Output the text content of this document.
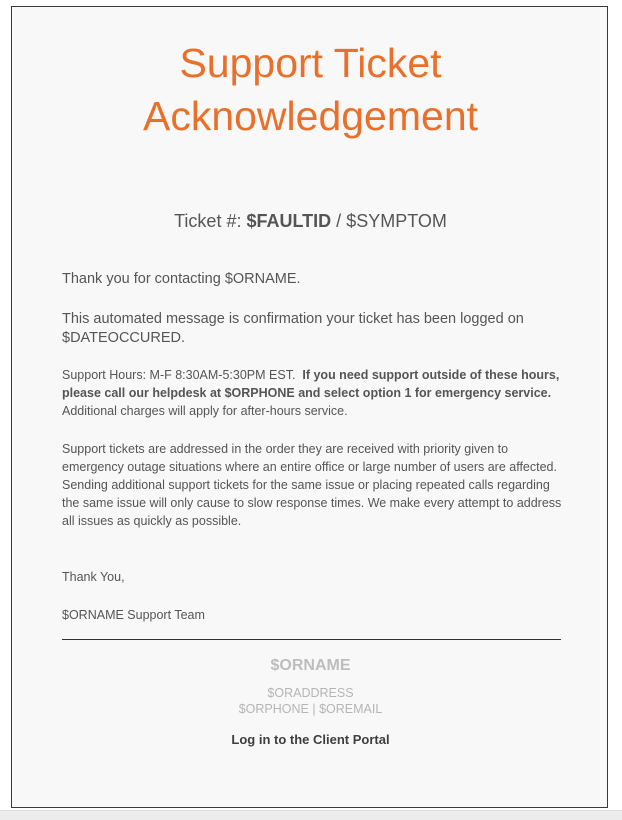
Support Ticket
Acknowledgement
Ticket #: $FAULTID / $SYMPTOM

Thank you for contacting $ORNAME.

This automated message is confirmation your ticket has been logged on $DATEOCCURED.

Support Hours: M-F 8:30AM-5:30PM EST. If you need support outside of these hours, please call our helpdesk at $ORPHONE and select option 1 for emergency service.  Additional charges will apply for after-hours service.

Support tickets are addressed in the order they are received with priority given to emergency outage situations where an entire office or large number of users are affected. Sending additional support tickets for the same issue or placing repeated calls regarding the same issue will only cause to slow response times. We make every attempt to address all issues as quickly as possible.

Thank You,

$ORNAME Support Team

$ORNAME
$ORADDRESS
$ORPHONE | $OREMAIL
Log in to the Client Portal
